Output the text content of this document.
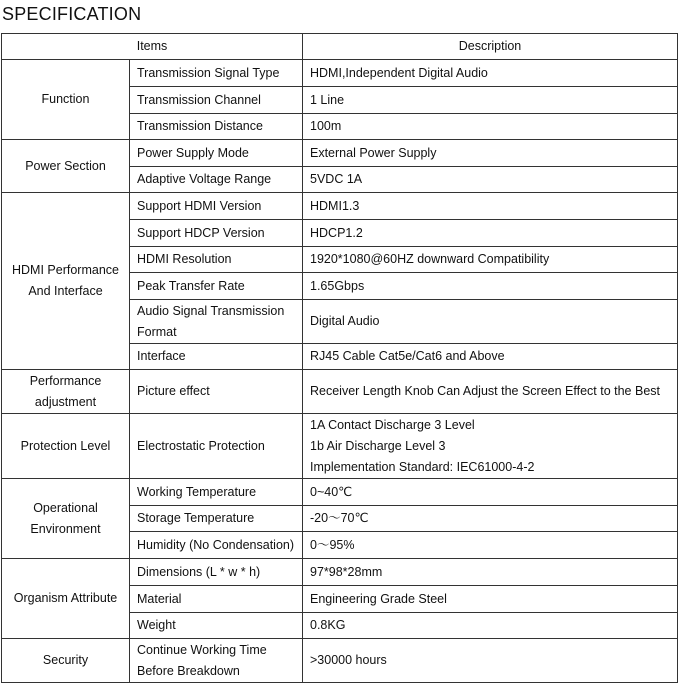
SPECIFICATION
Items		Description

Function	Transmission Signal Type	HDMI,Independent Digital Audio

	Transmission Channel	1 Line

	Transmission Distance	100m

Power Section	Power Supply Mode	External Power Supply

	Adaptive Voltage Range	5VDC 1A

HDMI Performance
And Interface	Support HDMI Version	HDMI1.3

	Support HDCP Version	HDCP1.2

	HDMI Resolution	1920*1080@60HZ downward Compatibility

	Peak Transfer Rate	1.65Gbps

	Audio Signal Transmission
Format	Digital Audio

	Interface	RJ45 Cable Cat5e/Cat6 and Above

Performance
adjustment	Picture effect	Receiver Length Knob Can Adjust the Screen Effect to the Best

Protection Level	Electrostatic Protection	1A Contact Discharge 3 Level
1b Air Discharge Level 3
Implementation Standard: IEC61000-4-2

Operational
Environment	Working Temperature	0~40℃

	Storage Temperature	-20～70℃

	Humidity (No Condensation)	0～95%

Organism Attribute	Dimensions (L * w * h)	97*98*28mm

	Material	Engineering Grade Steel

	Weight	0.8KG

Security	Continue Working Time
Before Breakdown	>30000 hours
